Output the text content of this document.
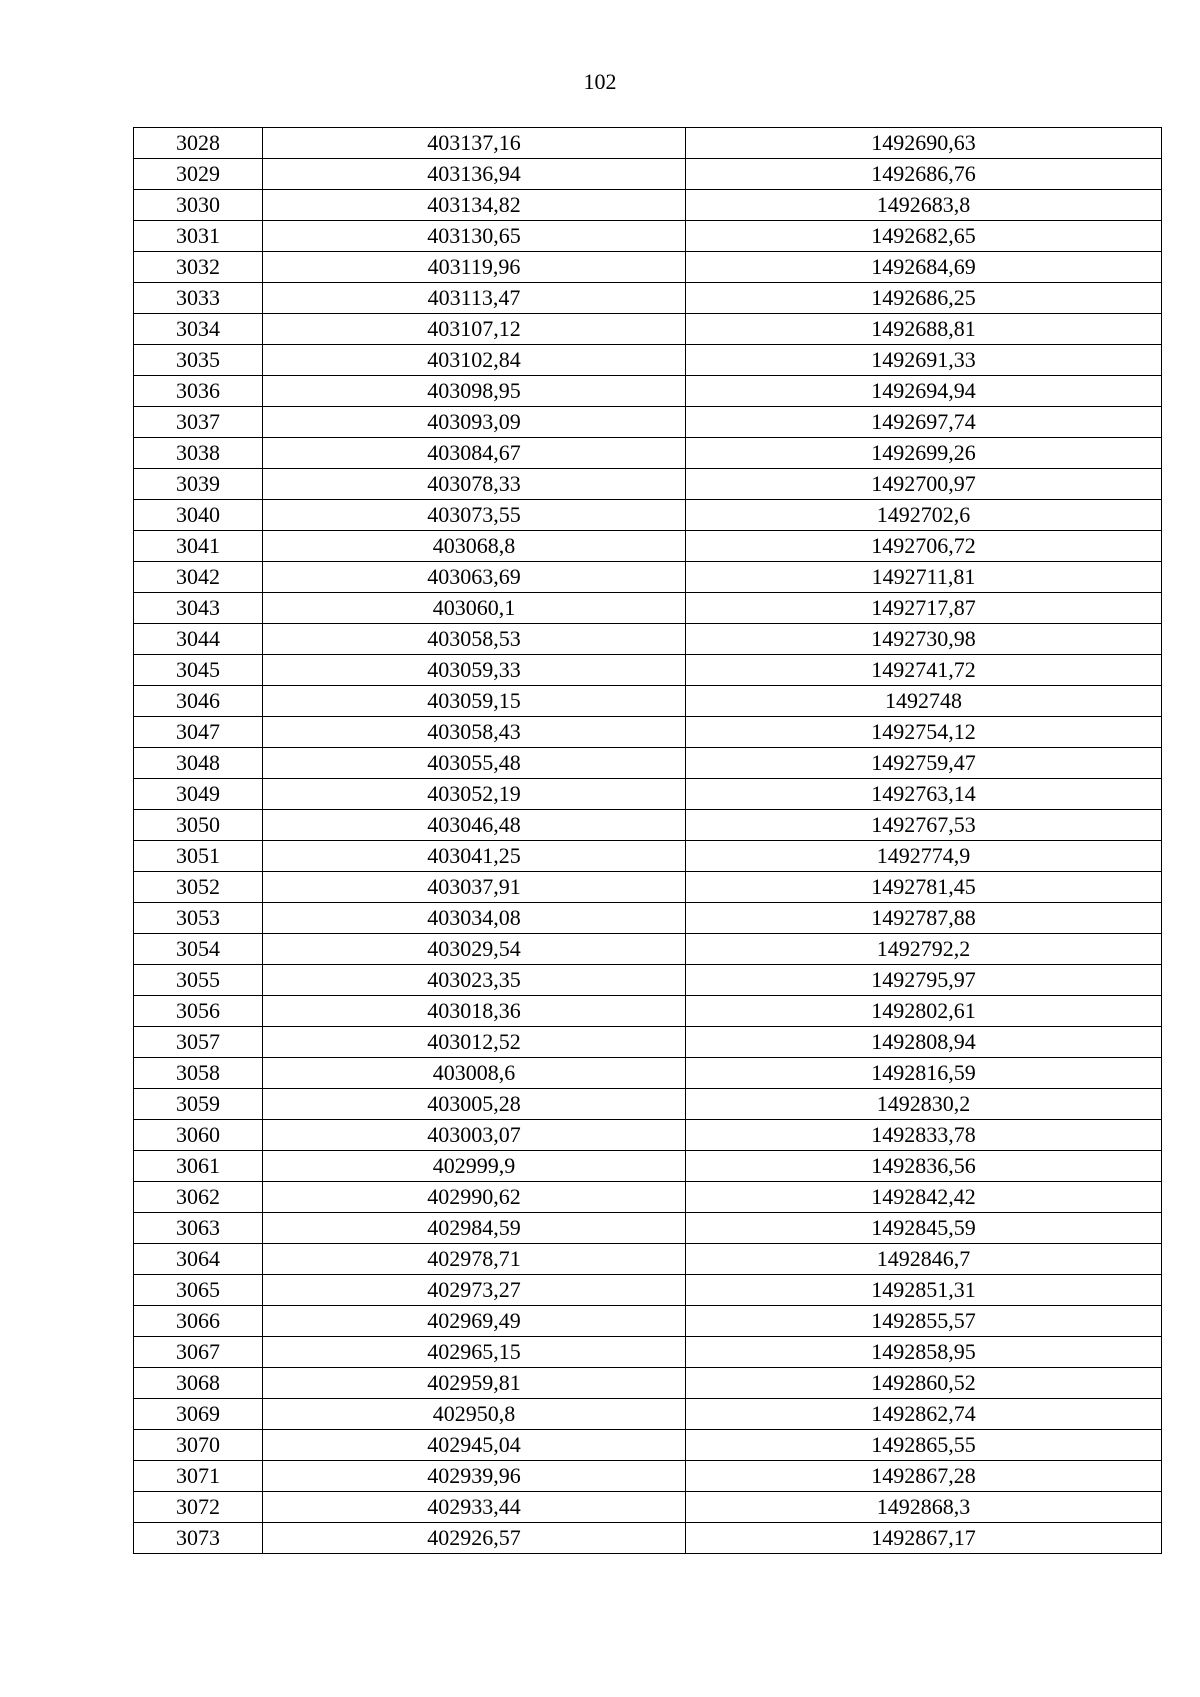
102
3028	403137,16	1492690,63
3029	403136,94	1492686,76
3030	403134,82	1492683,8
3031	403130,65	1492682,65
3032	403119,96	1492684,69
3033	403113,47	1492686,25
3034	403107,12	1492688,81
3035	403102,84	1492691,33
3036	403098,95	1492694,94
3037	403093,09	1492697,74
3038	403084,67	1492699,26
3039	403078,33	1492700,97
3040	403073,55	1492702,6
3041	403068,8	1492706,72
3042	403063,69	1492711,81
3043	403060,1	1492717,87
3044	403058,53	1492730,98
3045	403059,33	1492741,72
3046	403059,15	1492748
3047	403058,43	1492754,12
3048	403055,48	1492759,47
3049	403052,19	1492763,14
3050	403046,48	1492767,53
3051	403041,25	1492774,9
3052	403037,91	1492781,45
3053	403034,08	1492787,88
3054	403029,54	1492792,2
3055	403023,35	1492795,97
3056	403018,36	1492802,61
3057	403012,52	1492808,94
3058	403008,6	1492816,59
3059	403005,28	1492830,2
3060	403003,07	1492833,78
3061	402999,9	1492836,56
3062	402990,62	1492842,42
3063	402984,59	1492845,59
3064	402978,71	1492846,7
3065	402973,27	1492851,31
3066	402969,49	1492855,57
3067	402965,15	1492858,95
3068	402959,81	1492860,52
3069	402950,8	1492862,74
3070	402945,04	1492865,55
3071	402939,96	1492867,28
3072	402933,44	1492868,3
3073	402926,57	1492867,17
